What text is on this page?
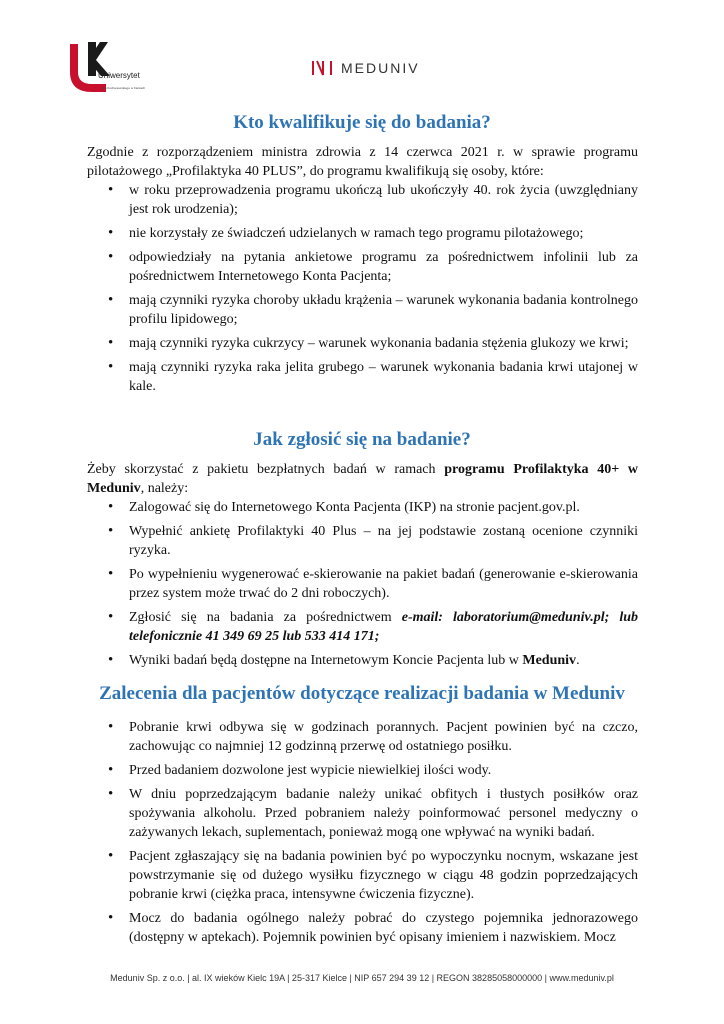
Uniwersytet
Jana Kochanowskiego w Kielcach
MEDUNIV
Kto kwalifikuje się do badania?

Zgodnie z rozporządzeniem ministra zdrowia z 14 czerwca 2021 r. w sprawie programu pilotażowego „Profilaktyka 40 PLUS”, do programu kwalifikują się osoby, które:

• w roku przeprowadzenia programu ukończą lub ukończyły 40. rok życia (uwzględniany jest rok urodzenia);
• nie korzystały ze świadczeń udzielanych w ramach tego programu pilotażowego;
• odpowiedziały na pytania ankietowe programu za pośrednictwem infolinii lub za pośrednictwem Internetowego Konta Pacjenta;
• mają czynniki ryzyka choroby układu krążenia – warunek wykonania badania kontrolnego profilu lipidowego;
• mają czynniki ryzyka cukrzycy – warunek wykonania badania stężenia glukozy we krwi;
• mają czynniki ryzyka raka jelita grubego – warunek wykonania badania krwi utajonej w kale.
Jak zgłosić się na badanie?

Żeby skorzystać z pakietu bezpłatnych badań w ramach programu Profilaktyka 40+ w Meduniv, należy:

• Zalogować się do Internetowego Konta Pacjenta (IKP) na stronie pacjent.gov.pl.
• Wypełnić ankietę Profilaktyki 40 Plus – na jej podstawie zostaną ocenione czynniki ryzyka.
• Po wypełnieniu wygenerować e-skierowanie na pakiet badań (generowanie e-skierowania przez system może trwać do 2 dni roboczych).
• Zgłosić się na badania za pośrednictwem e-mail: laboratorium@meduniv.pl; lub telefonicznie 41 349 69 25 lub 533 414 171;
• Wyniki badań będą dostępne na Internetowym Koncie Pacjenta lub w Meduniv.
Zalecenia dla pacjentów dotyczące realizacji badania w Meduniv
• Pobranie krwi odbywa się w godzinach porannych. Pacjent powinien być na czczo, zachowując co najmniej 12 godzinną przerwę od ostatniego posiłku.
• Przed badaniem dozwolone jest wypicie niewielkiej ilości wody.
• W dniu poprzedzającym badanie należy unikać obfitych i tłustych posiłków oraz spożywania alkoholu. Przed pobraniem należy poinformować personel medyczny o zażywanych lekach, suplementach, ponieważ mogą one wpływać na wyniki badań.
• Pacjent zgłaszający się na badania powinien być po wypoczynku nocnym, wskazane jest powstrzymanie się od dużego wysiłku fizycznego w ciągu 48 godzin poprzedzających pobranie krwi (ciężka praca, intensywne ćwiczenia fizyczne).
• Mocz do badania ogólnego należy pobrać do czystego pojemnika jednorazowego (dostępny w aptekach). Pojemnik powinien być opisany imieniem i nazwiskiem. Mocz
Meduniv Sp. z o.o. | al. IX wieków Kielc 19A | 25-317 Kielce | NIP 657 294 39 12 | REGON 38285058000000 | www.meduniv.pl
